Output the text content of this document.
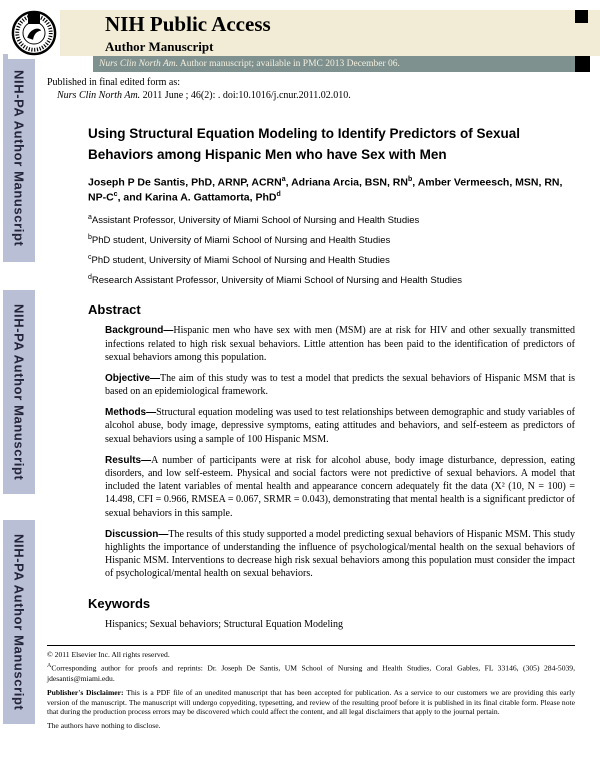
NIH-PA Author Manuscript
NIH-PA Author Manuscript
NIH-PA Author Manuscript
NIH Public Access
Author Manuscript
Nurs Clin North Am. Author manuscript; available in PMC 2013 December 06.
Published in final edited form as:
Nurs Clin North Am. 2011 June ; 46(2): . doi:10.1016/j.cnur.2011.02.010.
Using Structural Equation Modeling to Identify Predictors of Sexual Behaviors among Hispanic Men who have Sex with Men

Joseph P De Santis, PhD, ARNP, ACRN$^a$, Adriana Arcia, BSN, $RN^b$, Amber Vermeesch, MSN, RN, $NP-C^c$, and Karina A. Gattamorta, PhD$^d$

$^a$Assistant Professor, University of Miami School of Nursing and Health Studies
$^b$PhD student, University of Miami School of Nursing and Health Studies
$^c$PhD student, University of Miami School of Nursing and Health Studies
$^d$Research Assistant Professor, University of Miami School of Nursing and Health Studies
Abstract

Background—Hispanic men who have sex with men (MSM) are at risk for HIV and other sexually transmitted infections related to high risk sexual behaviors. Little attention has been paid to the identification of predictors of sexual behaviors among this population.

Objective—The aim of this study was to test a model that predicts the sexual behaviors of Hispanic MSM that is based on an epidemiological framework.

Methods—Structural equation modeling was used to test relationships between demographic and study variables of alcohol abuse, body image, depressive symptoms, eating attitudes and behaviors, and self-esteem as predictors of sexual behaviors using a sample of 100 Hispanic MSM.

Results—A number of participants were at risk for alcohol abuse, body image disturbance, depression, eating disorders, and low self-esteem. Physical and social factors were not predictive of sexual behaviors. A model that included the latent variables of mental health and appearance concern adequately fit the data (X² (10, N = 100) = 14.498, CFI = 0.966, RMSEA = 0.067, SRMR = 0.043), demonstrating that mental health is a significant predictor of sexual behaviors in this sample.

Discussion—The results of this study supported a model predicting sexual behaviors of Hispanic MSM. This study highlights the importance of understanding the influence of psychological/mental health on the sexual behaviors of Hispanic MSM. Interventions to decrease high risk sexual behaviors among this population must consider the impact of psychological/mental health on sexual behaviors.

Keywords
Hispanics; Sexual behaviors; Structural Equation Modeling

© 2011 Elsevier Inc. All rights reserved.

$^A$Corresponding author for proofs and reprints: Dr. Joseph De Santis, UM School of Nursing and Health Studies, Coral Gables, FL 33146, (305) 284-5039, jdesantis@miami.edu.

Publisher's Disclaimer: This is a PDF file of an unedited manuscript that has been accepted for publication. As a service to our customers we are providing this early version of the manuscript. The manuscript will undergo copyediting, typesetting, and review of the resulting proof before it is published in its final citable form. Please note that during the production process errors may be discovered which could affect the content, and all legal disclaimers that apply to the journal pertain.

The authors have nothing to disclose.
